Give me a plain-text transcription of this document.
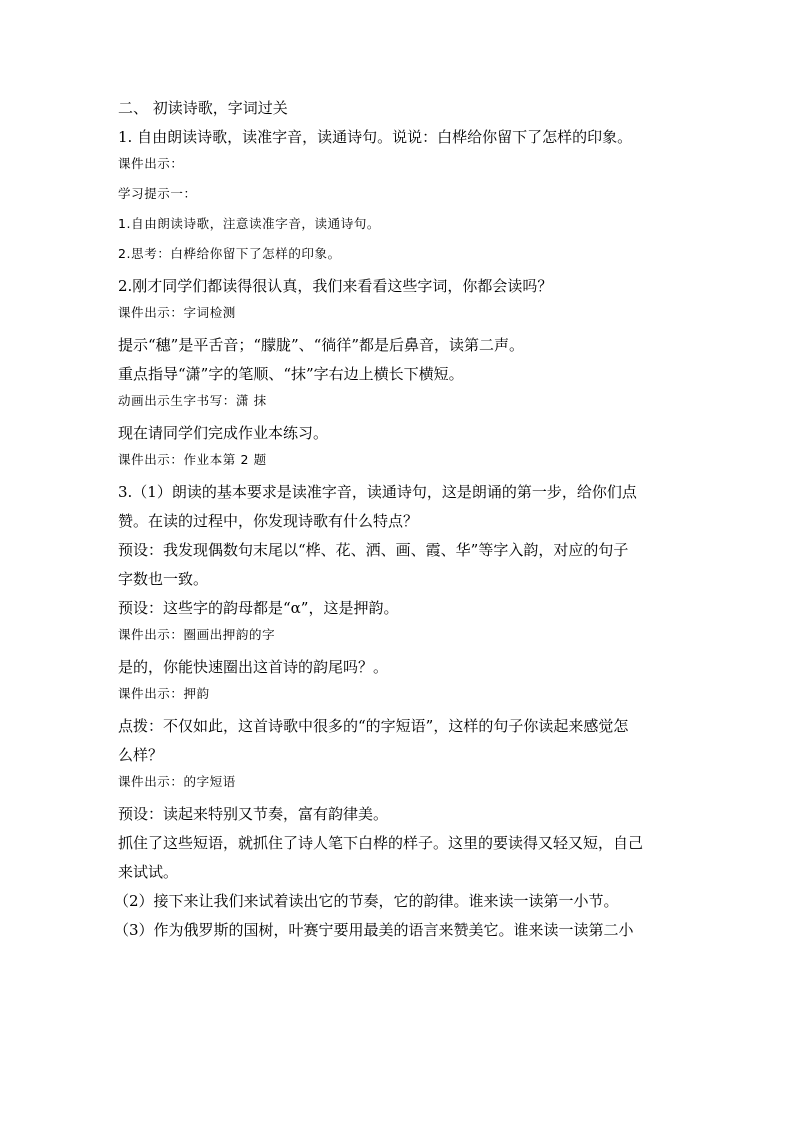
二、 初读诗歌，字词过关

1. 自由朗读诗歌，读准字音，读通诗句。说说：白桦给你留下了怎样的印象。

课件出示：

学习提示一：

1.自由朗读诗歌，注意读准字音，读通诗句。

2.思考：白桦给你留下了怎样的印象。

2.刚才同学们都读得很认真，我们来看看这些字词，你都会读吗？

课件出示：字词检测

提示“穗”是平舌音；“朦胧”、“徜徉”都是后鼻音，读第二声。

重点指导“潇”字的笔顺、“抹”字右边上横长下横短。

动画出示生字书写：潇 抹

现在请同学们完成作业本练习。

课件出示：作业本第 2 题

3.（1）朗读的基本要求是读准字音，读通诗句，这是朗诵的第一步，给你们点

赞。在读的过程中，你发现诗歌有什么特点？

预设：我发现偶数句末尾以“桦、花、洒、画、霞、华”等字入韵，对应的句子

字数也一致。

预设：这些字的韵母都是“α”，这是押韵。

课件出示：圈画出押韵的字

是的，你能快速圈出这首诗的韵尾吗？。

课件出示：押韵

点拨：不仅如此，这首诗歌中很多的“的字短语”，这样的句子你读起来感觉怎

么样？

课件出示：的字短语

预设：读起来特别又节奏，富有韵律美。

抓住了这些短语，就抓住了诗人笔下白桦的样子。这里的要读得又轻又短，自己

来试试。

（2）接下来让我们来试着读出它的节奏，它的韵律。谁来读一读第一小节。

（3）作为俄罗斯的国树，叶赛宁要用最美的语言来赞美它。谁来读一读第二小
